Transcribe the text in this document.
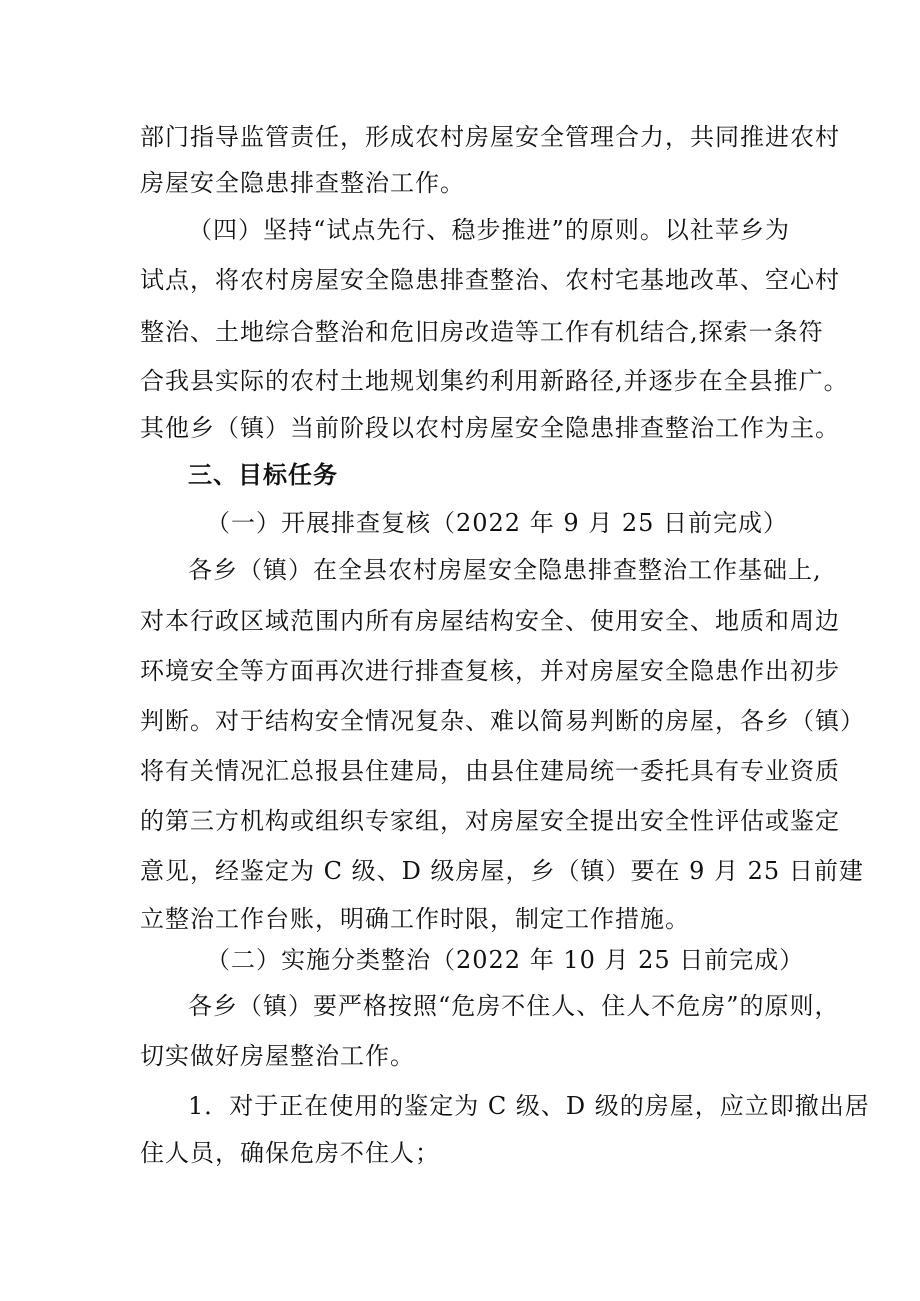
部门指导监管责任，形成农村房屋安全管理合力，共同推进农村
房屋安全隐患排查整治工作。
（四）坚持“试点先行、稳步推进”的原则。以社苹乡为
试点，将农村房屋安全隐患排查整治、农村宅基地改革、空心村
整治、土地综合整治和危旧房改造等工作有机结合,探索一条符
合我县实际的农村土地规划集约利用新路径,并逐步在全县推广。
其他乡（镇）当前阶段以农村房屋安全隐患排查整治工作为主。
三、目标任务
（一）开展排查复核（2022 年 9 月 25 日前完成）
各乡（镇）在全县农村房屋安全隐患排查整治工作基础上,
对本行政区域范围内所有房屋结构安全、使用安全、地质和周边
环境安全等方面再次进行排查复核，并对房屋安全隐患作出初步
判断。对于结构安全情况复杂、难以简易判断的房屋，各乡（镇）
将有关情况汇总报县住建局，由县住建局统一委托具有专业资质
的第三方机构或组织专家组，对房屋安全提出安全性评估或鉴定
意见，经鉴定为 C 级、D 级房屋，乡（镇）要在 9 月 25 日前建
立整治工作台账，明确工作时限，制定工作措施。
（二）实施分类整治（2022 年 10 月 25 日前完成）
各乡（镇）要严格按照“危房不住人、住人不危房”的原则，
切实做好房屋整治工作。
1．对于正在使用的鉴定为 C 级、D 级的房屋，应立即撤出居
住人员，确保危房不住人；
